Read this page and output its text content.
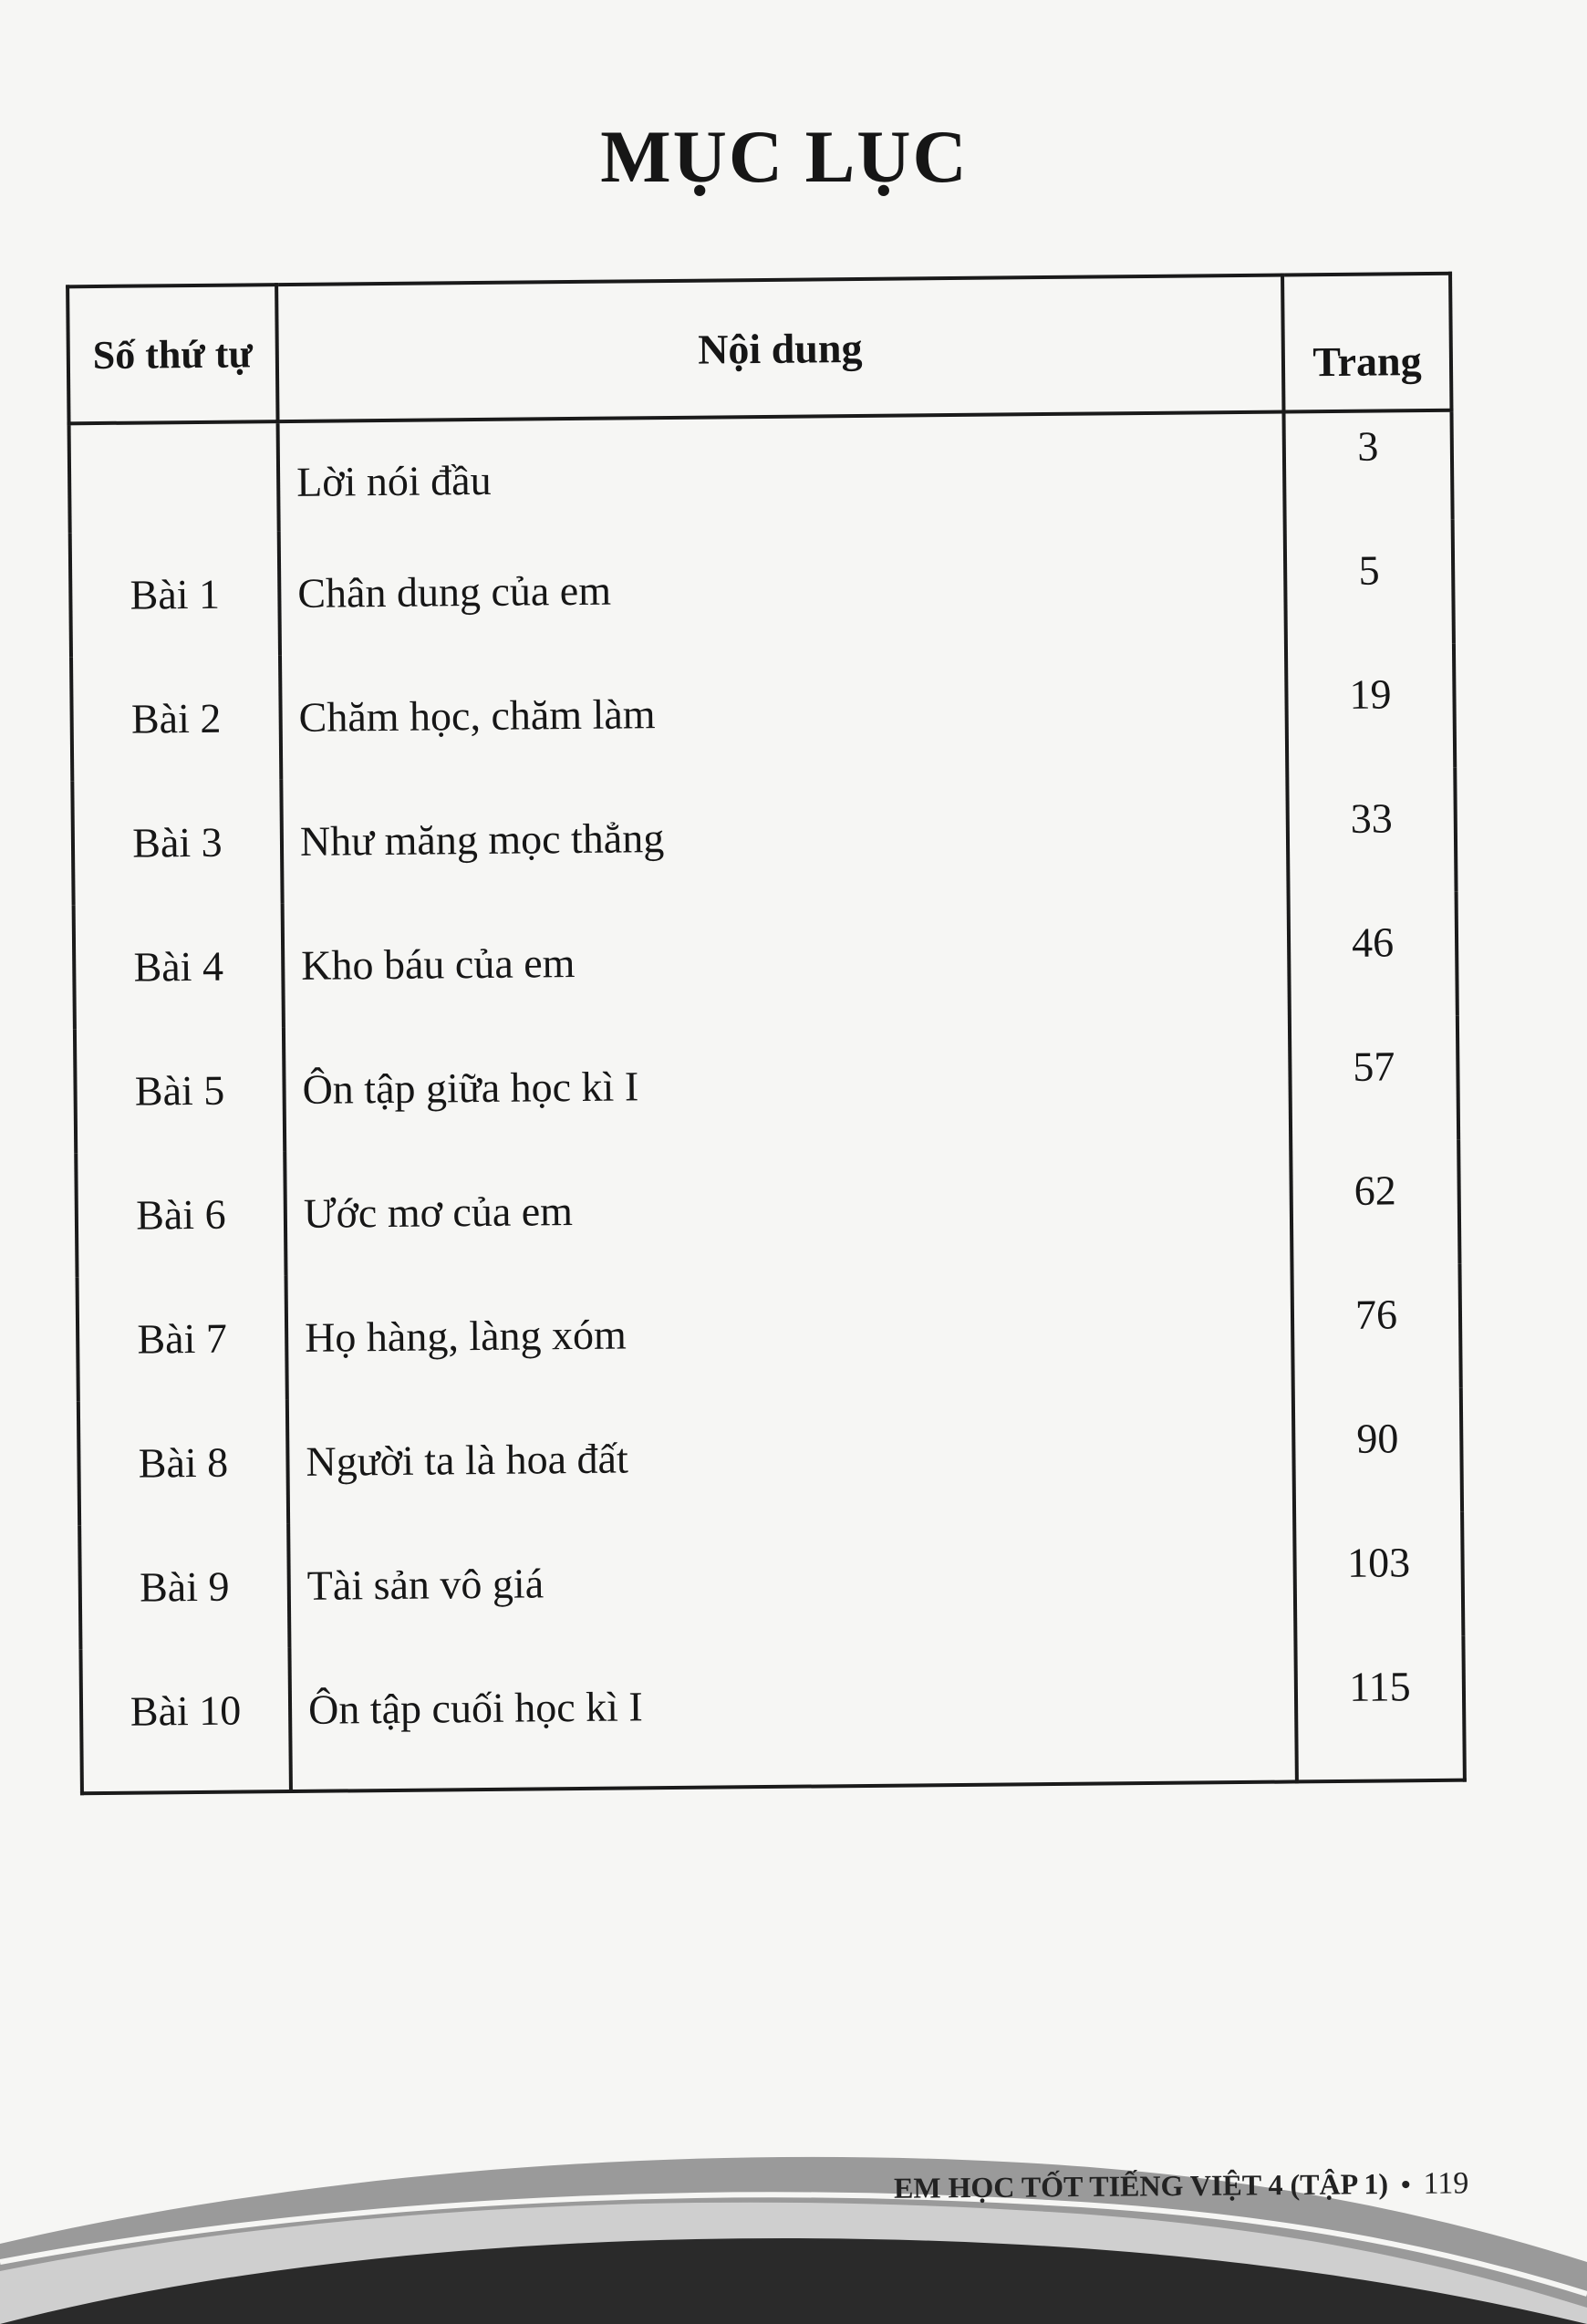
MỤC LỤC
Số thứ tự	Nội dung	Trang
	Lời nói đầu	3
Bài 1	Chân dung của em	5
Bài 2	Chăm học, chăm làm	19
Bài 3	Như măng mọc thẳng	33
Bài 4	Kho báu của em	46
Bài 5	Ôn tập giữa học kì I	57
Bài 6	Ước mơ của em	62
Bài 7	Họ hàng, làng xóm	76
Bài 8	Người ta là hoa đất	90
Bài 9	Tài sản vô giá	103
Bài 10	Ôn tập cuối học kì I	115
EM HỌC TỐT TIẾNG VIỆT 4 (TẬP 1) • 119
